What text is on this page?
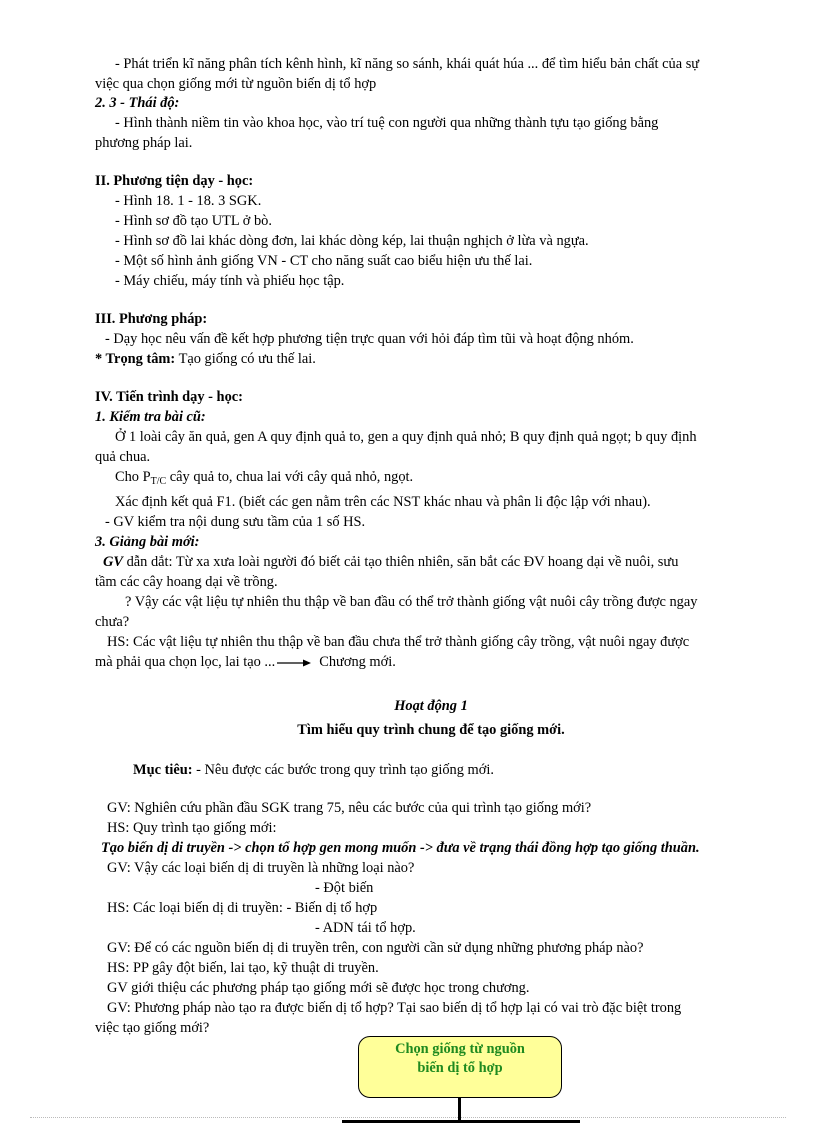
- Phát triển kĩ năng phân tích kênh hình, kĩ năng so sánh, khái quát húa ... để tìm hiểu bản chất của sự
việc qua chọn giống mới từ nguồn biến dị tổ hợp
2. 3 - Thái độ:
- Hình thành niềm tin vào khoa học, vào trí tuệ con người qua những thành tựu tạo giống bằng
phương pháp lai.
II. Phương tiện dạy - học:
- Hình 18. 1 - 18. 3 SGK.
- Hình sơ đồ tạo UTL ở bò.
- Hình sơ đồ lai khác dòng đơn, lai khác dòng kép, lai thuận nghịch ở lừa và ngựa.
- Một số hình ảnh giống VN - CT cho năng suất cao biểu hiện ưu thế lai.
- Máy chiếu, máy tính và phiếu học tập.
III. Phương pháp:
- Dạy học nêu vấn đề kết hợp phương tiện trực quan với hỏi đáp tìm tũi và hoạt động nhóm.
* Trọng tâm: Tạo giống có ưu thế lai.
IV. Tiến trình dạy - học:
1. Kiểm tra bài cũ:
Ở 1 loài cây ăn quả, gen A quy định quả to, gen a quy định quả nhỏ; B quy định quả ngọt; b quy định
quả chua.
Cho $P_{T/C}$ cây quả to, chua lai với cây quả nhỏ, ngọt.
Xác định kết quả F1. (biết các gen nằm trên các NST khác nhau và phân li độc lập với nhau).
- GV kiểm tra nội dung sưu tầm của 1 số HS.
3. Giảng bài mới:
GV dẫn dắt: Từ xa xưa loài người đó biết cải tạo thiên nhiên, săn bắt các ĐV hoang dại về nuôi, sưu
tầm các cây hoang dại về trồng.
? Vậy các vật liệu tự nhiên thu thập về ban đầu có thể trở thành giống vật nuôi cây trồng được ngay
chưa?
HS: Các vật liệu tự nhiên thu thập về ban đầu chưa thể trở thành giống cây trồng, vật nuôi ngay được
mà phải qua chọn lọc, lai tạo ...	Chương mới.
Hoạt động 1
Tìm hiểu quy trình chung để tạo giống mới.
Mục tiêu: - Nêu được các bước trong quy trình tạo giống mới.
GV: Nghiên cứu phần đầu SGK trang 75, nêu các bước của qui trình tạo giống mới?
HS: Quy trình tạo giống mới:
Tạo biến dị di truyền -> chọn tổ hợp gen mong muốn -> đưa về trạng thái đồng hợp tạo giống thuần.
GV: Vậy các loại biến dị di truyền là những loại nào?
- Đột biến
HS: Các loại biến dị di truyền: - Biến dị tổ hợp
- ADN tái tổ hợp.
GV: Để có các nguồn biến dị di truyền trên, con người cần sử dụng những phương pháp nào?
HS: PP gây đột biến, lai tạo, kỹ thuật di truyền.
GV giới thiệu các phương pháp tạo giống mới sẽ được học trong chương.
GV: Phương pháp nào tạo ra được biến dị tổ hợp? Tại sao biến dị tổ hợp lại có vai trò đặc biệt trong
việc tạo giống mới?
Chọn giống từ nguồn
biến dị tổ hợp
